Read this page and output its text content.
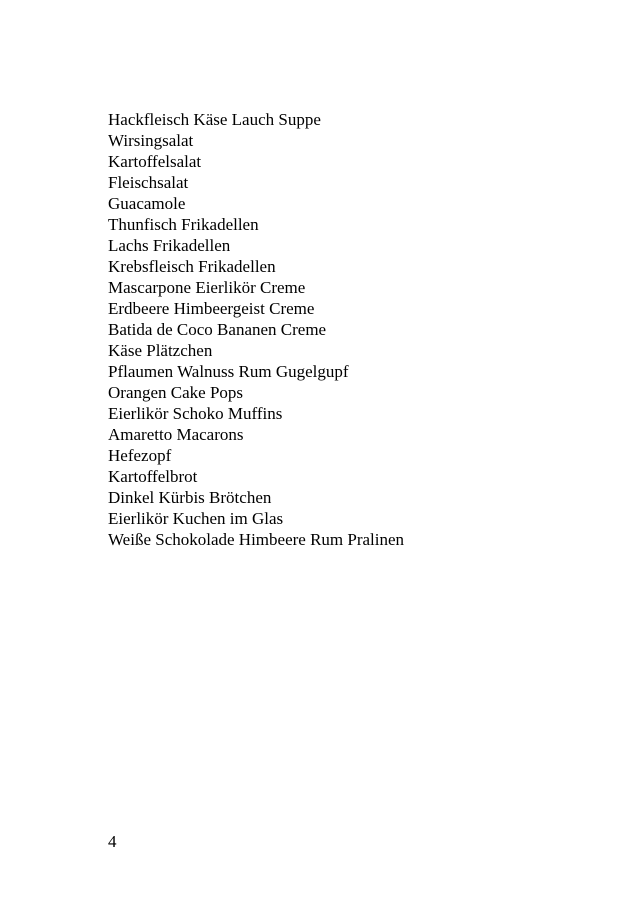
Hackfleisch Käse Lauch Suppe
Wirsingsalat
Kartoffelsalat
Fleischsalat
Guacamole
Thunfisch Frikadellen
Lachs Frikadellen
Krebsfleisch Frikadellen
Mascarpone Eierlikör Creme
Erdbeere Himbeergeist Creme
Batida de Coco Bananen Creme
Käse Plätzchen
Pflaumen Walnuss Rum Gugelgupf
Orangen Cake Pops
Eierlikör Schoko Muffins
Amaretto Macarons
Hefezopf
Kartoffelbrot
Dinkel Kürbis Brötchen
Eierlikör Kuchen im Glas
Weiße Schokolade Himbeere Rum Pralinen
4
